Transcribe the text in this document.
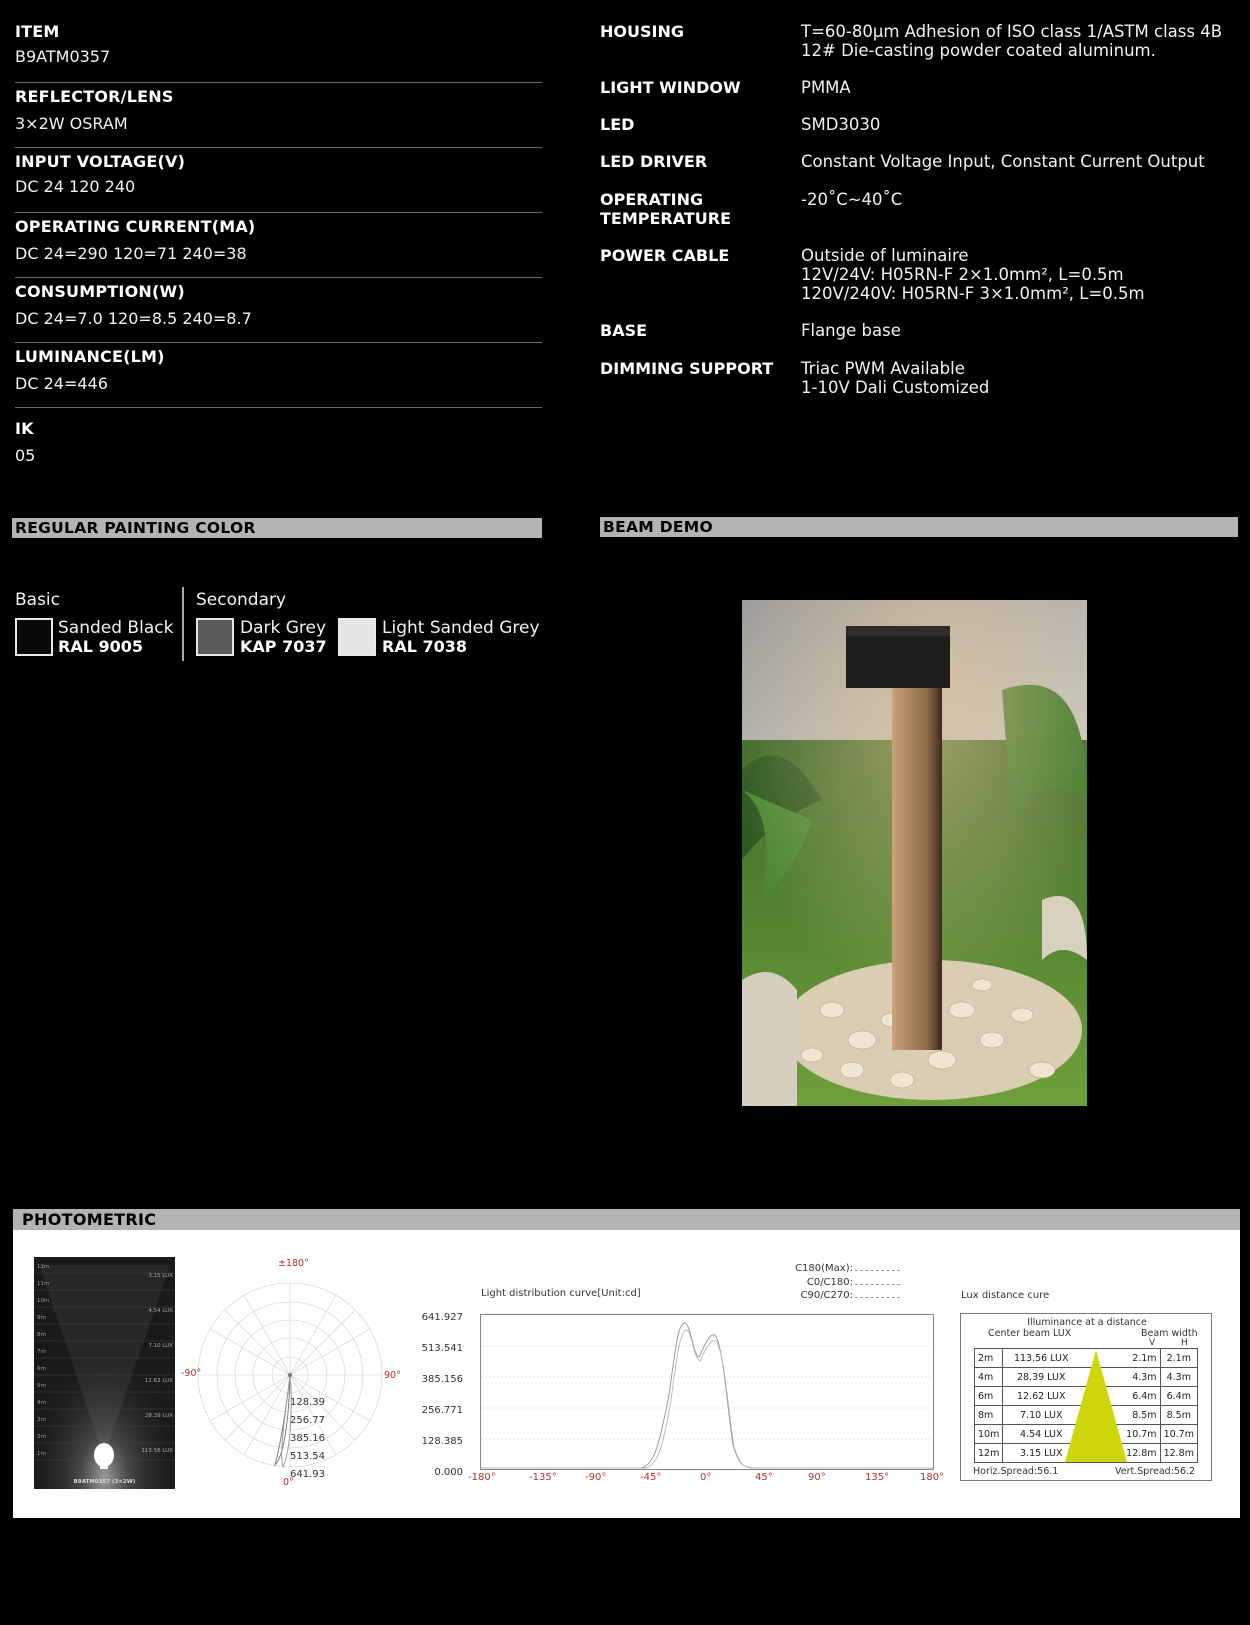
ITEM
B9ATM0357
REFLECTOR/LENS
3×2W OSRAM
INPUT VOLTAGE(V)
DC 24 120 240
OPERATING CURRENT(MA)
DC 24=290 120=71 240=38
CONSUMPTION(W)
DC 24=7.0 120=8.5 240=8.7
LUMINANCE(LM)
DC 24=446
IK
05
HOUSING	T=60-80μm Adhesion of ISO class 1/ASTM class 4B
12# Die-casting powder coated aluminum.
LIGHT WINDOW	PMMA
LED	SMD3030
LED DRIVER	Constant Voltage Input, Constant Current Output
OPERATING
TEMPERATURE
-20˚C~40˚C
POWER CABLE	Outside of luminaire
12V/24V: H05RN-F 2×1.0mm², L=0.5m
120V/240V: H05RN-F 3×1.0mm², L=0.5m
BASE	Flange base
DIMMING SUPPORT	Triac PWM Available
1-10V Dali Customized
REGULAR PAINTING COLOR	BEAM DEMO
Basic	Secondary
Sanded Black
RAL 9005
Dark Grey
KAP 7037
Light Sanded Grey
RAL 7038
PHOTOMETRIC
12m
11m
10m
9m
8m
7m
6m
5m
4m
3m
2m
1m
3.15 LUX
4.54 LUX
7.10 LUX
12.62 LUX
28.39 LUX
113.56 LUX
B9ATM0357 (3×2W)
±180°
-90°	90°
0°
128.39
256.77
385.16
513.54
641.93
Light distribution curve[Unit:cd]
C180(Max):
C0/C180:
C90/C270:
641.927
513.541
385.156
256.771
128.385
0.000 -180°	-135°	-90°	-45°	0°	45°	90°	135°	180°
Lux distance cure
Illuminance at a distance
Center beam LUX	Beam width
V	H
2m	113.56 LUX		2.1m	2.1m
4m	28.39 LUX		4.3m	4.3m
6m	12.62 LUX		6.4m	6.4m
8m	7.10 LUX		8.5m	8.5m
10m	4.54 LUX		10.7m	10.7m
12m	3.15 LUX		12.8m	12.8m
Horiz.Spread:56.1	Vert.Spread:56.2
